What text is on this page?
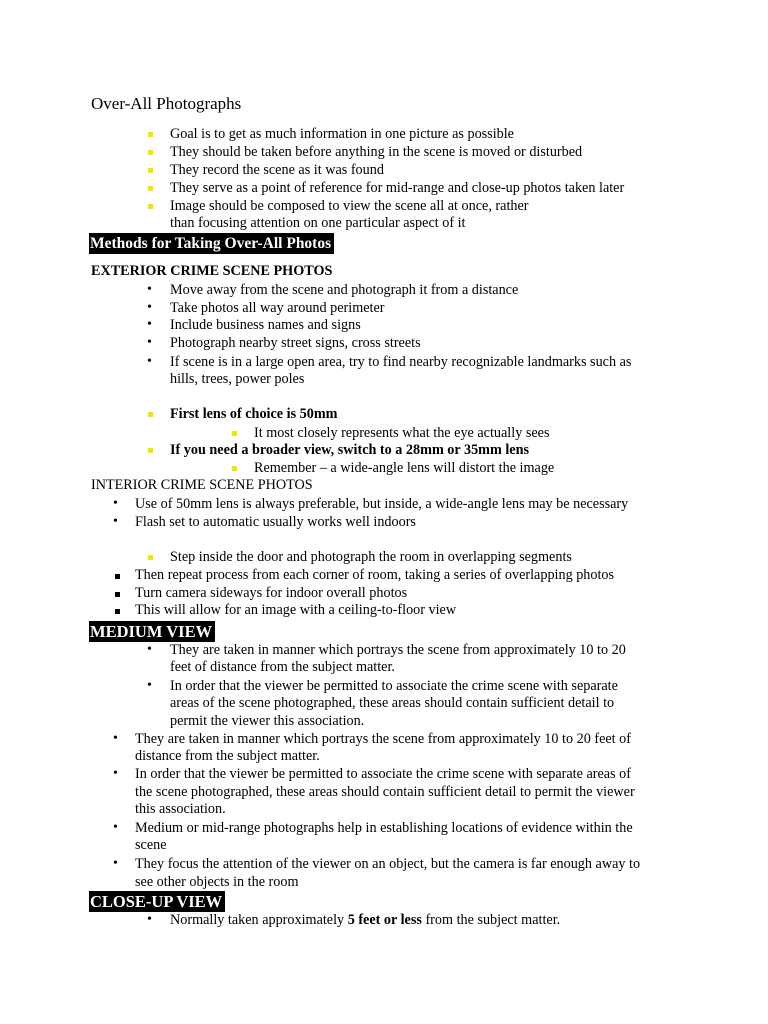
Over-All Photographs
Goal is to get as much information in one picture as possible
They should be taken before anything in the scene is moved or disturbed
They record the scene as it was found
They serve as a point of reference for mid-range and close-up photos taken later
Image should be composed to view the scene all at once, rather
than focusing attention on one particular aspect of it
Methods for Taking Over-All Photos
EXTERIOR CRIME SCENE PHOTOS
• Move away from the scene and photograph it from a distance
• Take photos all way around perimeter
• Include business names and signs
• Photograph nearby street signs, cross streets
• If scene is in a large open area, try to find nearby recognizable landmarks such as
hills, trees, power poles
First lens of choice is 50mm
It most closely represents what the eye actually sees
If you need a broader view, switch to a 28mm or 35mm lens
Remember – a wide-angle lens will distort the image
INTERIOR CRIME SCENE PHOTOS
• Use of 50mm lens is always preferable, but inside, a wide-angle lens may be necessary
• Flash set to automatic usually works well indoors
Step inside the door and photograph the room in overlapping segments
Then repeat process from each corner of room, taking a series of overlapping photos
Turn camera sideways for indoor overall photos
This will allow for an image with a ceiling-to-floor view
MEDIUM VIEW
• They are taken in manner which portrays the scene from approximately 10 to 20
feet of distance from the subject matter.
• In order that the viewer be permitted to associate the crime scene with separate
areas of the scene photographed, these areas should contain sufficient detail to
permit the viewer this association.
• They are taken in manner which portrays the scene from approximately 10 to 20 feet of
distance from the subject matter.
• In order that the viewer be permitted to associate the crime scene with separate areas of
the scene photographed, these areas should contain sufficient detail to permit the viewer
this association.
• Medium or mid-range photographs help in establishing locations of evidence within the
scene
• They focus the attention of the viewer on an object, but the camera is far enough away to
see other objects in the room
CLOSE-UP VIEW
• Normally taken approximately 5 feet or less from the subject matter.
